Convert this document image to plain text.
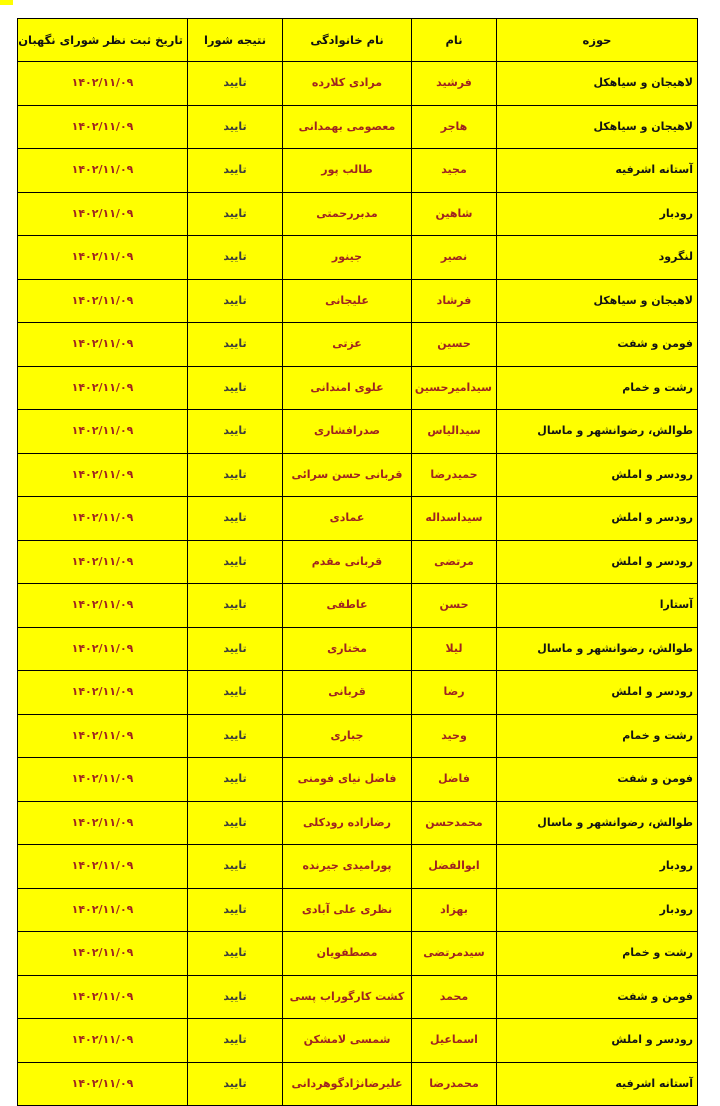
حوزه	نام	نام خانوادگی	نتیجه شورا	تاریخ ثبت نظر شورای نگهبان
لاهیجان و سیاهکل	فرشید	مرادی کلارده	تایید	۱۴۰۲/۱۱/۰۹
لاهیجان و سیاهکل	هاجر	معصومی بهمدانی	تایید	۱۴۰۲/۱۱/۰۹
آستانه اشرفیه	مجید	طالب پور	تایید	۱۴۰۲/۱۱/۰۹
رودبار	شاهین	مدبررحمتی	تایید	۱۴۰۲/۱۱/۰۹
لنگرود	نصیر	جینور	تایید	۱۴۰۲/۱۱/۰۹
لاهیجان و سیاهکل	فرشاد	علیجانی	تایید	۱۴۰۲/۱۱/۰۹
فومن و شفت	حسین	عزتی	تایید	۱۴۰۲/۱۱/۰۹
رشت و خمام	سیدامیرحسین	علوی امندانی	تایید	۱۴۰۲/۱۱/۰۹
طوالش، رضوانشهر و ماسال	سیدالیاس	صدرافشاری	تایید	۱۴۰۲/۱۱/۰۹
رودسر و املش	حمیدرضا	قربانی حسن سرائی	تایید	۱۴۰۲/۱۱/۰۹
رودسر و املش	سیداسداله	عمادی	تایید	۱۴۰۲/۱۱/۰۹
رودسر و املش	مرتضی	قربانی مقدم	تایید	۱۴۰۲/۱۱/۰۹
آستارا	حسن	عاطفی	تایید	۱۴۰۲/۱۱/۰۹
طوالش، رضوانشهر و ماسال	لیلا	مختاری	تایید	۱۴۰۲/۱۱/۰۹
رودسر و املش	رضا	قربانی	تایید	۱۴۰۲/۱۱/۰۹
رشت و خمام	وحید	جباری	تایید	۱۴۰۲/۱۱/۰۹
فومن و شفت	فاضل	فاضل نیای فومنی	تایید	۱۴۰۲/۱۱/۰۹
طوالش، رضوانشهر و ماسال	محمدحسن	رضازاده رودکلی	تایید	۱۴۰۲/۱۱/۰۹
رودبار	ابوالفضل	پورامیدی جیرنده	تایید	۱۴۰۲/۱۱/۰۹
رودبار	بهزاد	نظری علی آبادی	تایید	۱۴۰۲/۱۱/۰۹
رشت و خمام	سیدمرتضی	مصطفویان	تایید	۱۴۰۲/۱۱/۰۹
فومن و شفت	محمد	کشت کارگوراب پسی	تایید	۱۴۰۲/۱۱/۰۹
رودسر و املش	اسماعیل	شمسی لامشکن	تایید	۱۴۰۲/۱۱/۰۹
آستانه اشرفیه	محمدرضا	علیرضانژادگوهردانی	تایید	۱۴۰۲/۱۱/۰۹
